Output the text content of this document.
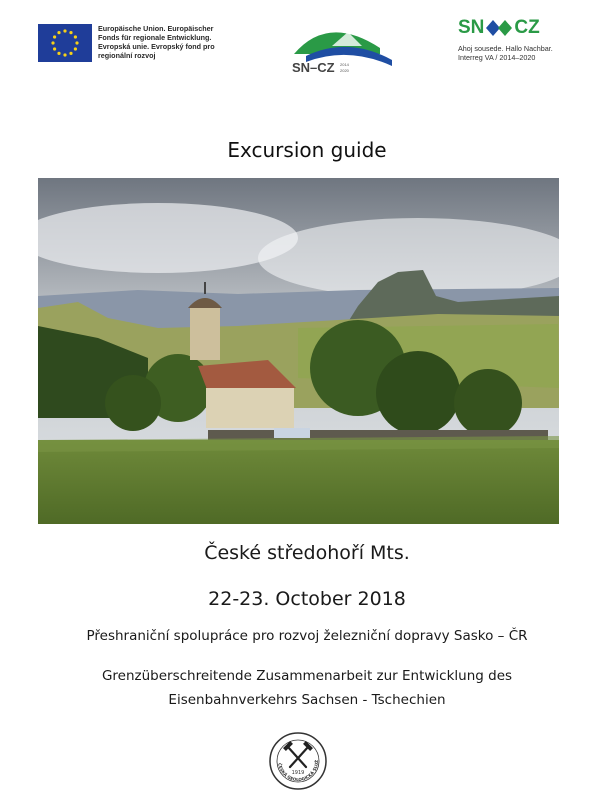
Europäische Union. Europäischer
Fonds für regionale Entwicklung.
Evropská unie. Evropský fond pro
regionální rozvoj
SN–CZ 2014
2020
SN CZ
Ahoj sousede. Hallo Nachbar.
Interreg VA / 2014–2020
Excursion guide
České středohoří Mts.
22-23. October 2018
Přeshraniční spolupráce pro rozvoj železniční dopravy Sasko – ČR
Grenzüberschreitende Zusammenarbeit zur Entwicklung des
Eisenbahnverkehrs Sachsen - Tschechien
1919
ČESKÁ GEOLOGICKÁ SLUŽ
